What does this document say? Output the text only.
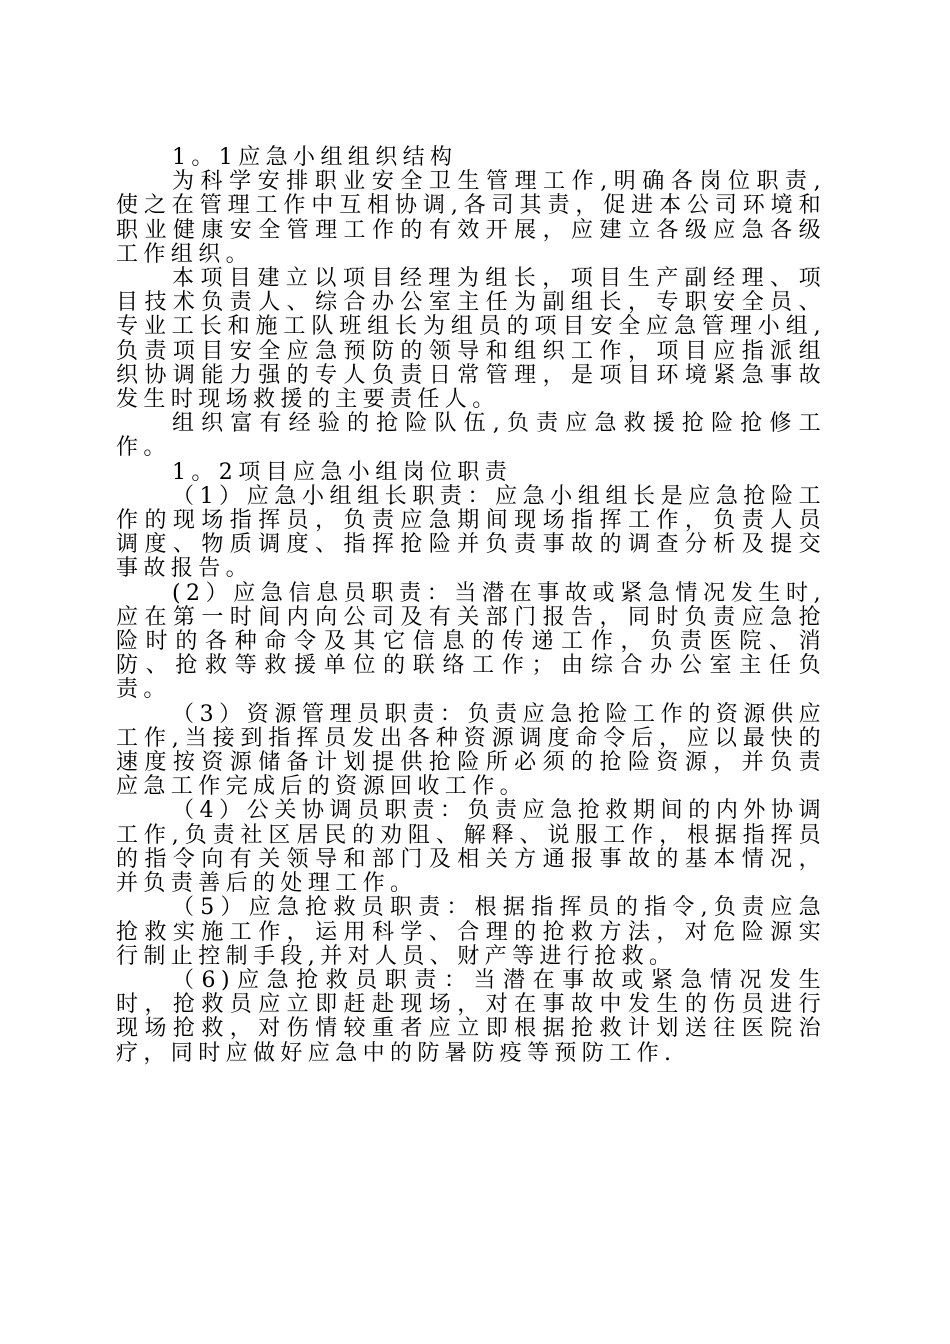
1。1应急小组组织结构

为科学安排职业安全卫生管理工作,明确各岗位职责,使之在管理工作中互相协调,各司其责，促进本公司环境和职业健康安全管理工作的有效开展，应建立各级应急各级工作组织。

本项目建立以项目经理为组长，项目生产副经理、项目技术负责人、综合办公室主任为副组长，专职安全员、专业工长和施工队班组长为组员的项目安全应急管理小组,负责项目安全应急预防的领导和组织工作，项目应指派组织协调能力强的专人负责日常管理，是项目环境紧急事故发生时现场救援的主要责任人。

组织富有经验的抢险队伍,负责应急救援抢险抢修工作。

1。2项目应急小组岗位职责

（1）应急小组组长职责：应急小组组长是应急抢险工作的现场指挥员，负责应急期间现场指挥工作，负责人员调度、物质调度、指挥抢险并负责事故的调查分析及提交事故报告。

(2）应急信息员职责：当潜在事故或紧急情况发生时,应在第一时间内向公司及有关部门报告，同时负责应急抢险时的各种命令及其它信息的传递工作，负责医院、消防、抢救等救援单位的联络工作；由综合办公室主任负责。

（3）资源管理员职责：负责应急抢险工作的资源供应工作,当接到指挥员发出各种资源调度命令后，应以最快的速度按资源储备计划提供抢险所必须的抢险资源，并负责应急工作完成后的资源回收工作。

（4）公关协调员职责：负责应急抢救期间的内外协调工作,负责社区居民的劝阻、解释、说服工作，根据指挥员的指令向有关领导和部门及相关方通报事故的基本情况，并负责善后的处理工作。

（5）应急抢救员职责：根据指挥员的指令,负责应急抢救实施工作，运用科学、合理的抢救方法，对危险源实行制止控制手段,并对人员、财产等进行抢救。

（6)应急抢救员职责：当潜在事故或紧急情况发生时，抢救员应立即赶赴现场，对在事故中发生的伤员进行现场抢救，对伤情较重者应立即根据抢救计划送往医院治疗，同时应做好应急中的防暑防疫等预防工作.
